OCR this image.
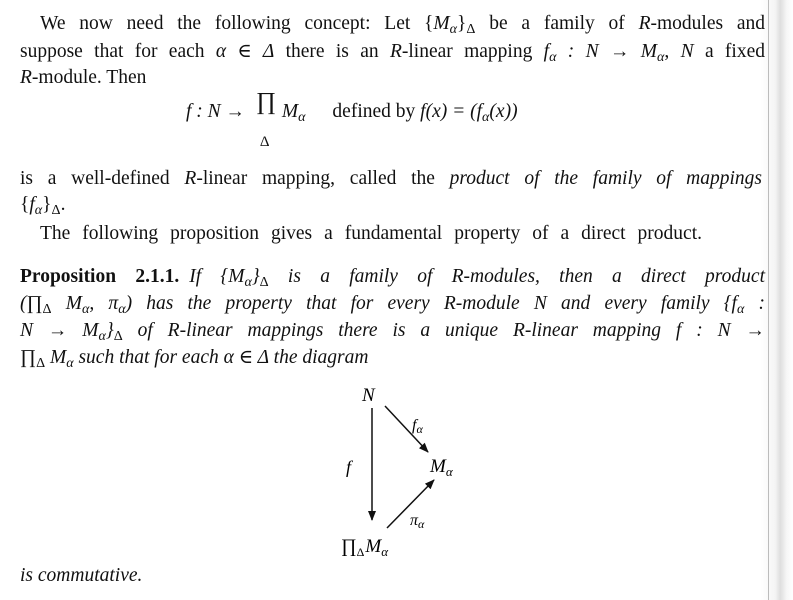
We now need the following concept: Let $\{M_\alpha\}_\Delta$ be a family of R-modules and
suppose that for each α ∈ Δ there is an R-linear mapping $f_\alpha$ : $N \to M_\alpha$, N a fixed
R-module. Then
f : N → ∏
Δ
$M_\alpha$ defined by $f(x) = (f_\alpha(x))$
is a well-defined R-linear mapping, called the product of the family of mappings
$\{f_\alpha\}_\Delta$.
The following proposition gives a fundamental property of a direct product.
Proposition 2.1.1. If $\{M_\alpha\}_\Delta$ is a family of R-modules, then a direct product
($\prod_\Delta$ $M_\alpha$, $\pi_\alpha$) has the property that for every R-module N and every family {$f_\alpha$ :
$N \to M_\alpha\}_\Delta$ of R-linear mappings there is a unique R-linear mapping f : N →
$\prod_\Delta$ $M_\alpha$ such that for each α ∈ Δ the diagram
N
$M_\alpha$
$\prod_\Delta M_\alpha$
f
fα
πα
is commutative.
